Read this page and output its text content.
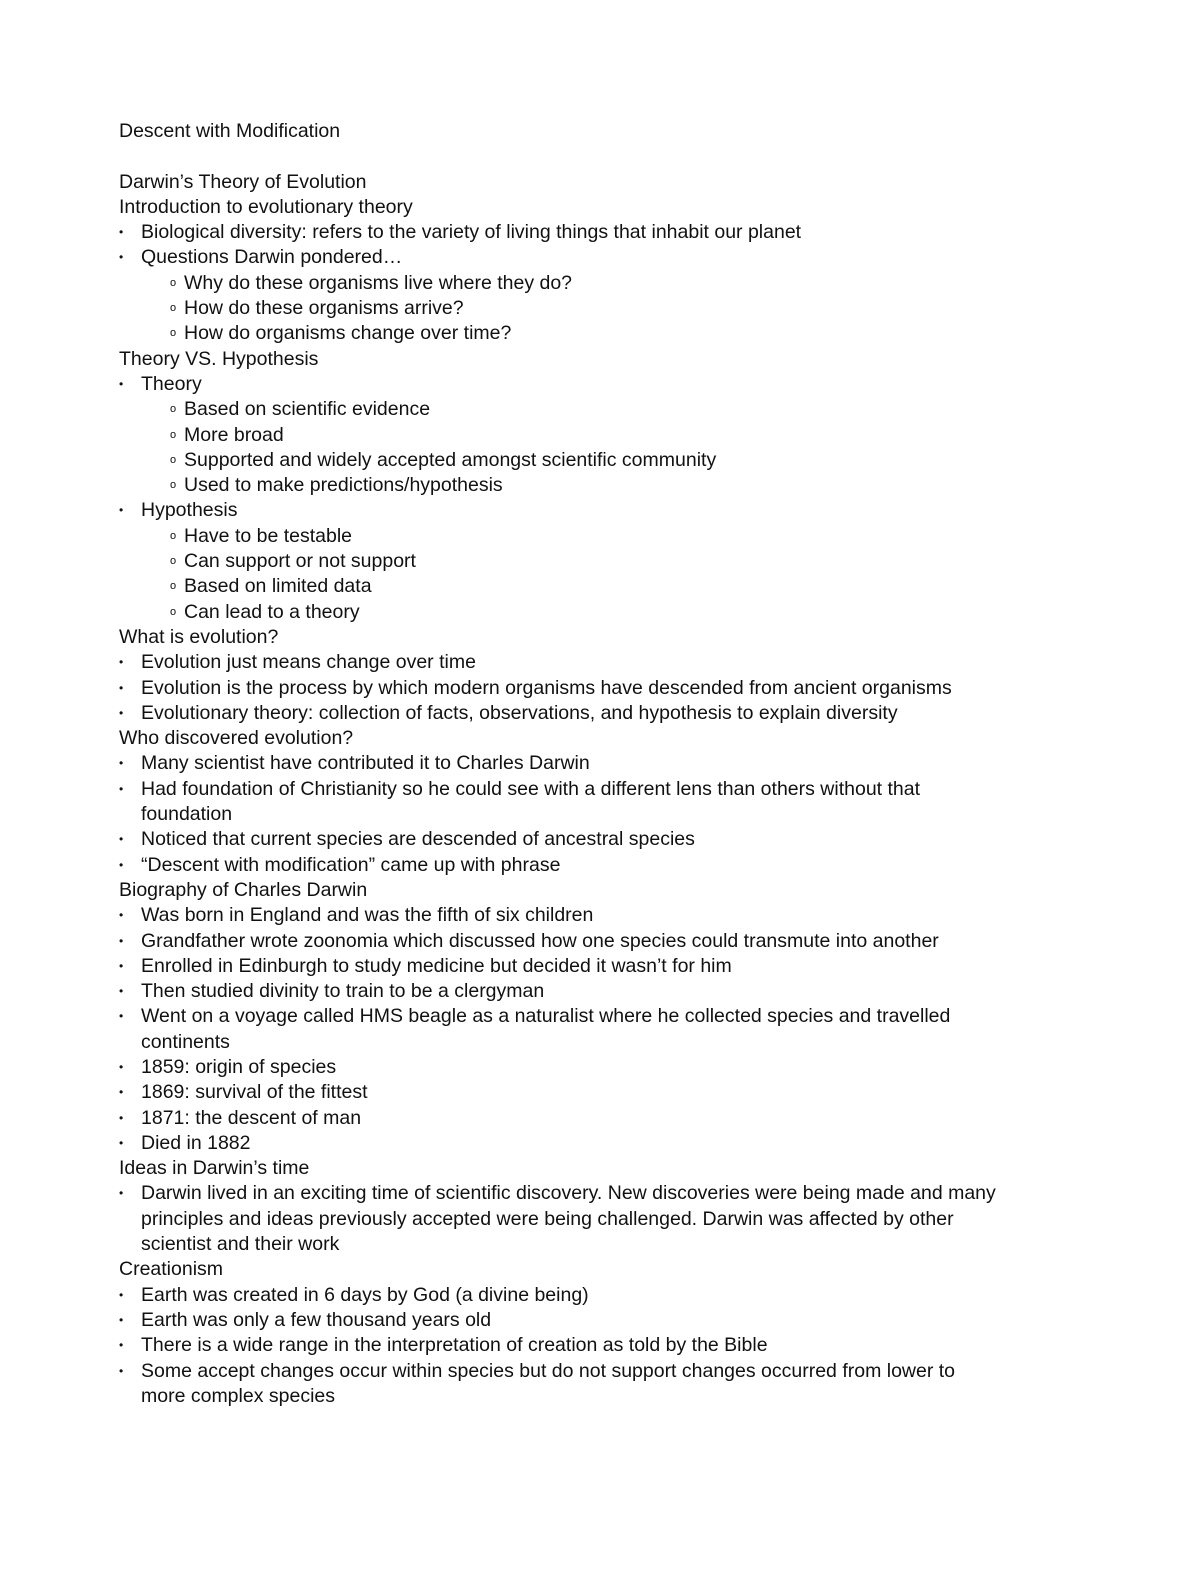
Descent with Modification
Darwin’s Theory of Evolution
Introduction to evolutionary theory
• Biological diversity: refers to the variety of living things that inhabit our planet
• Questions Darwin pondered…
o Why do these organisms live where they do?
o How do these organisms arrive?
o How do organisms change over time?
Theory VS. Hypothesis
• Theory
o Based on scientific evidence
o More broad
o Supported and widely accepted amongst scientific community
o Used to make predictions/hypothesis
• Hypothesis
o Have to be testable
o Can support or not support
o Based on limited data
o Can lead to a theory
What is evolution?
• Evolution just means change over time
• Evolution is the process by which modern organisms have descended from ancient organisms
• Evolutionary theory: collection of facts, observations, and hypothesis to explain diversity
Who discovered evolution?
• Many scientist have contributed it to Charles Darwin
• Had foundation of Christianity so he could see with a different lens than others without that
foundation
• Noticed that current species are descended of ancestral species
• “Descent with modification” came up with phrase
Biography of Charles Darwin
• Was born in England and was the fifth of six children
• Grandfather wrote zoonomia which discussed how one species could transmute into another
• Enrolled in Edinburgh to study medicine but decided it wasn’t for him
• Then studied divinity to train to be a clergyman
• Went on a voyage called HMS beagle as a naturalist where he collected species and travelled
continents
• 1859: origin of species
• 1869: survival of the fittest
• 1871: the descent of man
• Died in 1882
Ideas in Darwin’s time
• Darwin lived in an exciting time of scientific discovery. New discoveries were being made and many
principles and ideas previously accepted were being challenged. Darwin was affected by other
scientist and their work
Creationism
• Earth was created in 6 days by God (a divine being)
• Earth was only a few thousand years old
• There is a wide range in the interpretation of creation as told by the Bible
• Some accept changes occur within species but do not support changes occurred from lower to
more complex species
